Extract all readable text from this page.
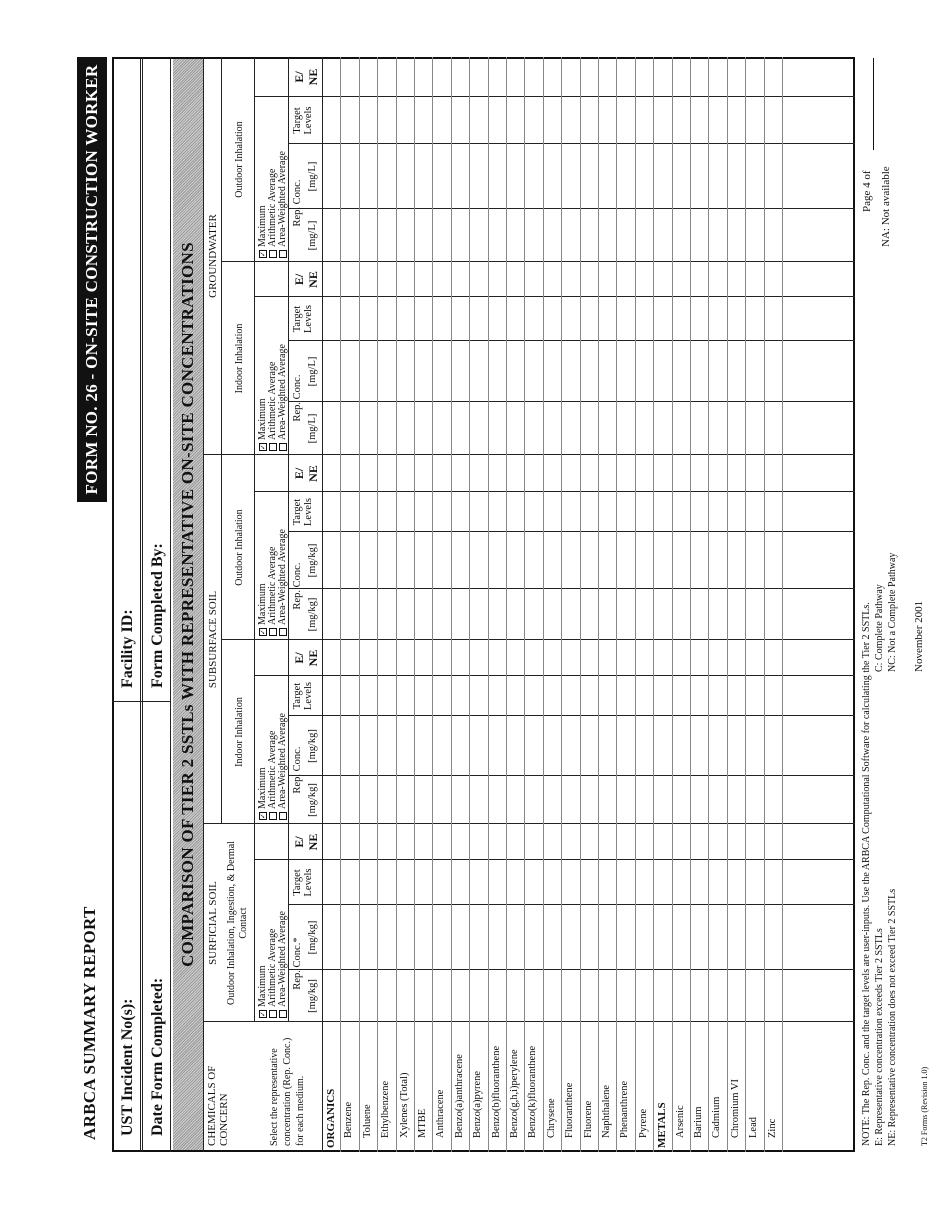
ARBCA SUMMARY REPORT
FORM NO. 26 - ON-SITE CONSTRUCTION WORKER
UST Incident No(s):
Facility ID:
Date Form Completed:
Form Completed By: COMPARISON OF TIER 2 SSTLs WITH REPRESENTATIVE ON-SITE CONCENTRATIONS
CHEMICALS OF CONCERN	Select the representative concentration (Rep. Conc.) for each medium.
SURFICIAL SOIL
SUBSURFACE SOIL
GROUNDWATER
Outdoor Inhalation, Ingestion, & Dermal Contact
Indoor Inhalation
Outdoor Inhalation
Indoor Inhalation
Outdoor Inhalation
✓Maximum Arithmetic Average Area-Weighted Average
✓Maximum Arithmetic Average Area-Weighted Average
✓Maximum Arithmetic Average Area-Weighted Average
✓Maximum Arithmetic Average Area-Weighted Average
✓Maximum Arithmetic Average Area-Weighted Average
Rep. Conc.*
Target Levels
[mg/kg]
[mg/kg]
E/ NE
Rep. Conc.
Target Levels
[mg/kg]
[mg/kg]
E/ NE
Rep. Conc.
Target Levels
[mg/kg]
[mg/kg]
E/ NE
Rep. Conc.
Target Levels
[mg/L]
[mg/L]
E/ NE
Rep. Conc.
Target Levels
[mg/L]
[mg/L]
E/ NE
ORGANICS Benzene Toluene Ethylbenzene Xylenes (Total) MTBE Anthracene Benzo(a)anthracene Benzo(a)pyrene Benzo(b)fluoranthene Benzo(g,h,i)perylene Benzo(k)fluoranthene Chrysene Fluoranthene Fluorene Naphthalene Phenanthrene Pyrene METALS Arsenic Barium Cadmium Chromium VI Lead Zinc	NOTE: The Rep. Conc. and the target levels are user-inputs. Use the ARBCA Computational Software for calculating the Tier 2 SSTLs. E: Representative concentration exceeds Tier 2 SSTLs NE: Representative concentration does not exceed Tier 2 SSTLs
C: Complete Pathway NC: Not a Complete Pathway
NA: Not available
Page 4 of
November 2001
T2 Forms (Revision 1.0)
